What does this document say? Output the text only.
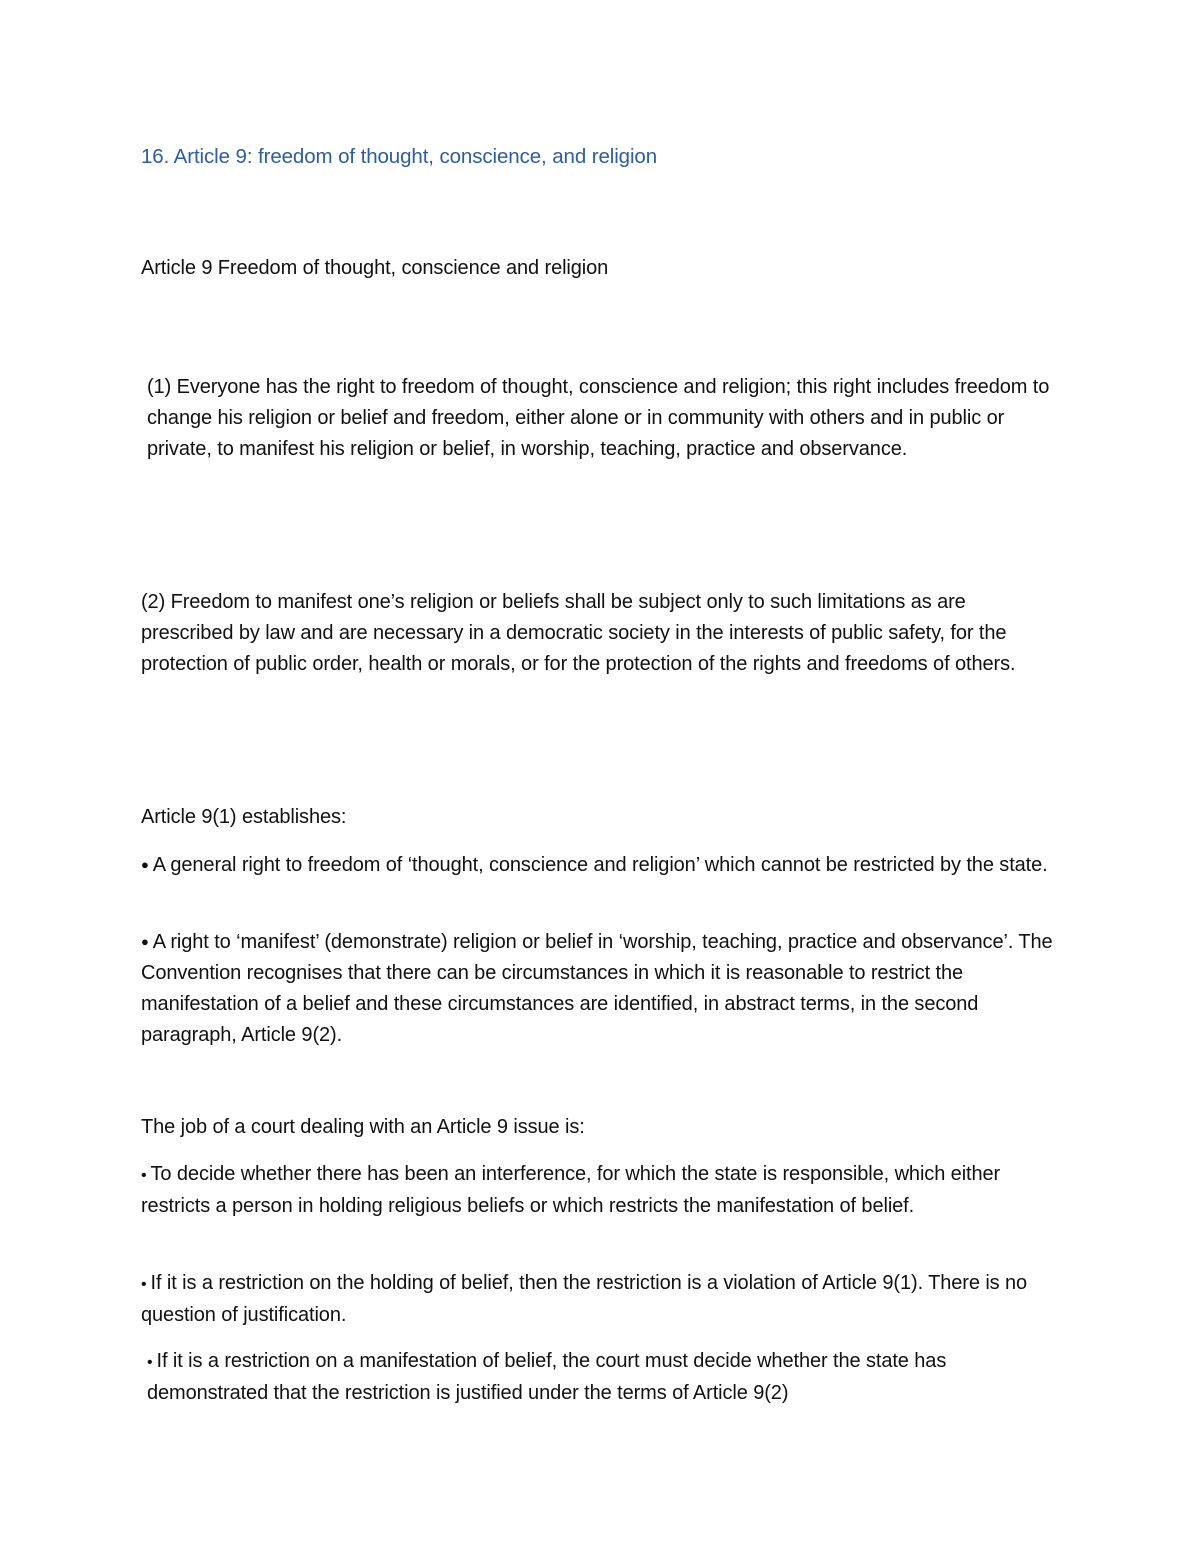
16. Article 9: freedom of thought, conscience, and religion

Article 9 Freedom of thought, conscience and religion

(1) Everyone has the right to freedom of thought, conscience and religion; this right includes freedom to change his religion or belief and freedom, either alone or in community with others and in public or private, to manifest his religion or belief, in worship, teaching, practice and observance.

(2) Freedom to manifest one’s religion or beliefs shall be subject only to such limitations as are prescribed by law and are necessary in a democratic society in the interests of public safety, for the protection of public order, health or morals, or for the protection of the rights and freedoms of others.

Article 9(1) establishes:

● A general right to freedom of ‘thought, conscience and religion’ which cannot be restricted by the state.

● A right to ‘manifest’ (demonstrate) religion or belief in ‘worship, teaching, practice and observance’. The Convention recognises that there can be circumstances in which it is reasonable to restrict the manifestation of a belief and these circumstances are identified, in abstract terms, in the second paragraph, Article 9(2).

The job of a court dealing with an Article 9 issue is:

• To decide whether there has been an interference, for which the state is responsible, which either restricts a person in holding religious beliefs or which restricts the manifestation of belief.

• If it is a restriction on the holding of belief, then the restriction is a violation of Article 9(1). There is no question of justification.

• If it is a restriction on a manifestation of belief, the court must decide whether the state has demonstrated that the restriction is justified under the terms of Article 9(2)
